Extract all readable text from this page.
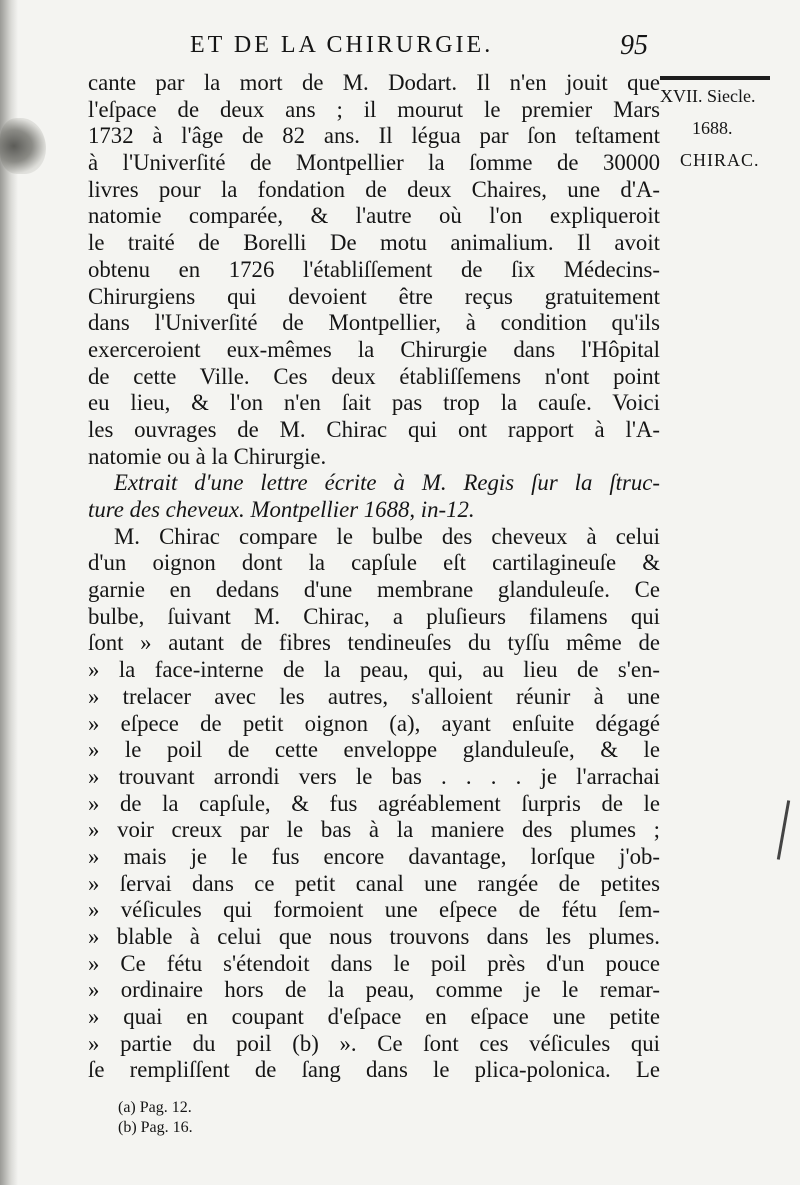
ET DE LA CHIRURGIE.	95
XVII. Siecle.
1688.
CHIRAC.
cante par la mort de M. Dodart. Il n'en jouit que
l'eſpace de deux ans ; il mourut le premier Mars
1732 à l'âge de 82 ans. Il légua par ſon teſtament
à l'Univerſité de Montpellier la ſomme de 30000
livres pour la fondation de deux Chaires, une d'A-
natomie comparée, & l'autre où l'on expliqueroit
le traité de Borelli De motu animalium. Il avoit
obtenu en 1726 l'établiſſement de ſix Médecins-
Chirurgiens qui devoient être reçus gratuitement
dans l'Univerſité de Montpellier, à condition qu'ils
exerceroient eux-mêmes la Chirurgie dans l'Hôpital
de cette Ville. Ces deux établiſſemens n'ont point
eu lieu, & l'on n'en ſait pas trop la cauſe. Voici
les ouvrages de M. Chirac qui ont rapport à l'A-
natomie ou à la Chirurgie.
Extrait d'une lettre écrite à M. Regis ſur la ſtruc-
ture des cheveux. Montpellier 1688, in-12.
M. Chirac compare le bulbe des cheveux à celui
d'un oignon dont la capſule eſt cartilagineuſe &
garnie en dedans d'une membrane glanduleuſe. Ce
bulbe, ſuivant M. Chirac, a pluſieurs filamens qui
ſont » autant de fibres tendineuſes du tyſſu même de
» la face-interne de la peau, qui, au lieu de s'en-
» trelacer avec les autres, s'alloient réunir à une
» eſpece de petit oignon (a), ayant enſuite dégagé
» le poil de cette enveloppe glanduleuſe, & le
» trouvant arrondi vers le bas . . . . je l'arrachai
» de la capſule, & fus agréablement ſurpris de le
» voir creux par le bas à la maniere des plumes ;
» mais je le fus encore davantage, lorſque j'ob-
» ſervai dans ce petit canal une rangée de petites
» véſicules qui formoient une eſpece de fétu ſem-
» blable à celui que nous trouvons dans les plumes.
» Ce fétu s'étendoit dans le poil près d'un pouce
» ordinaire hors de la peau, comme je le remar-
» quai en coupant d'eſpace en eſpace une petite
» partie du poil (b) ». Ce ſont ces véſicules qui
ſe rempliſſent de ſang dans le plica-polonica. Le
(a) Pag. 12.
(b) Pag. 16.
